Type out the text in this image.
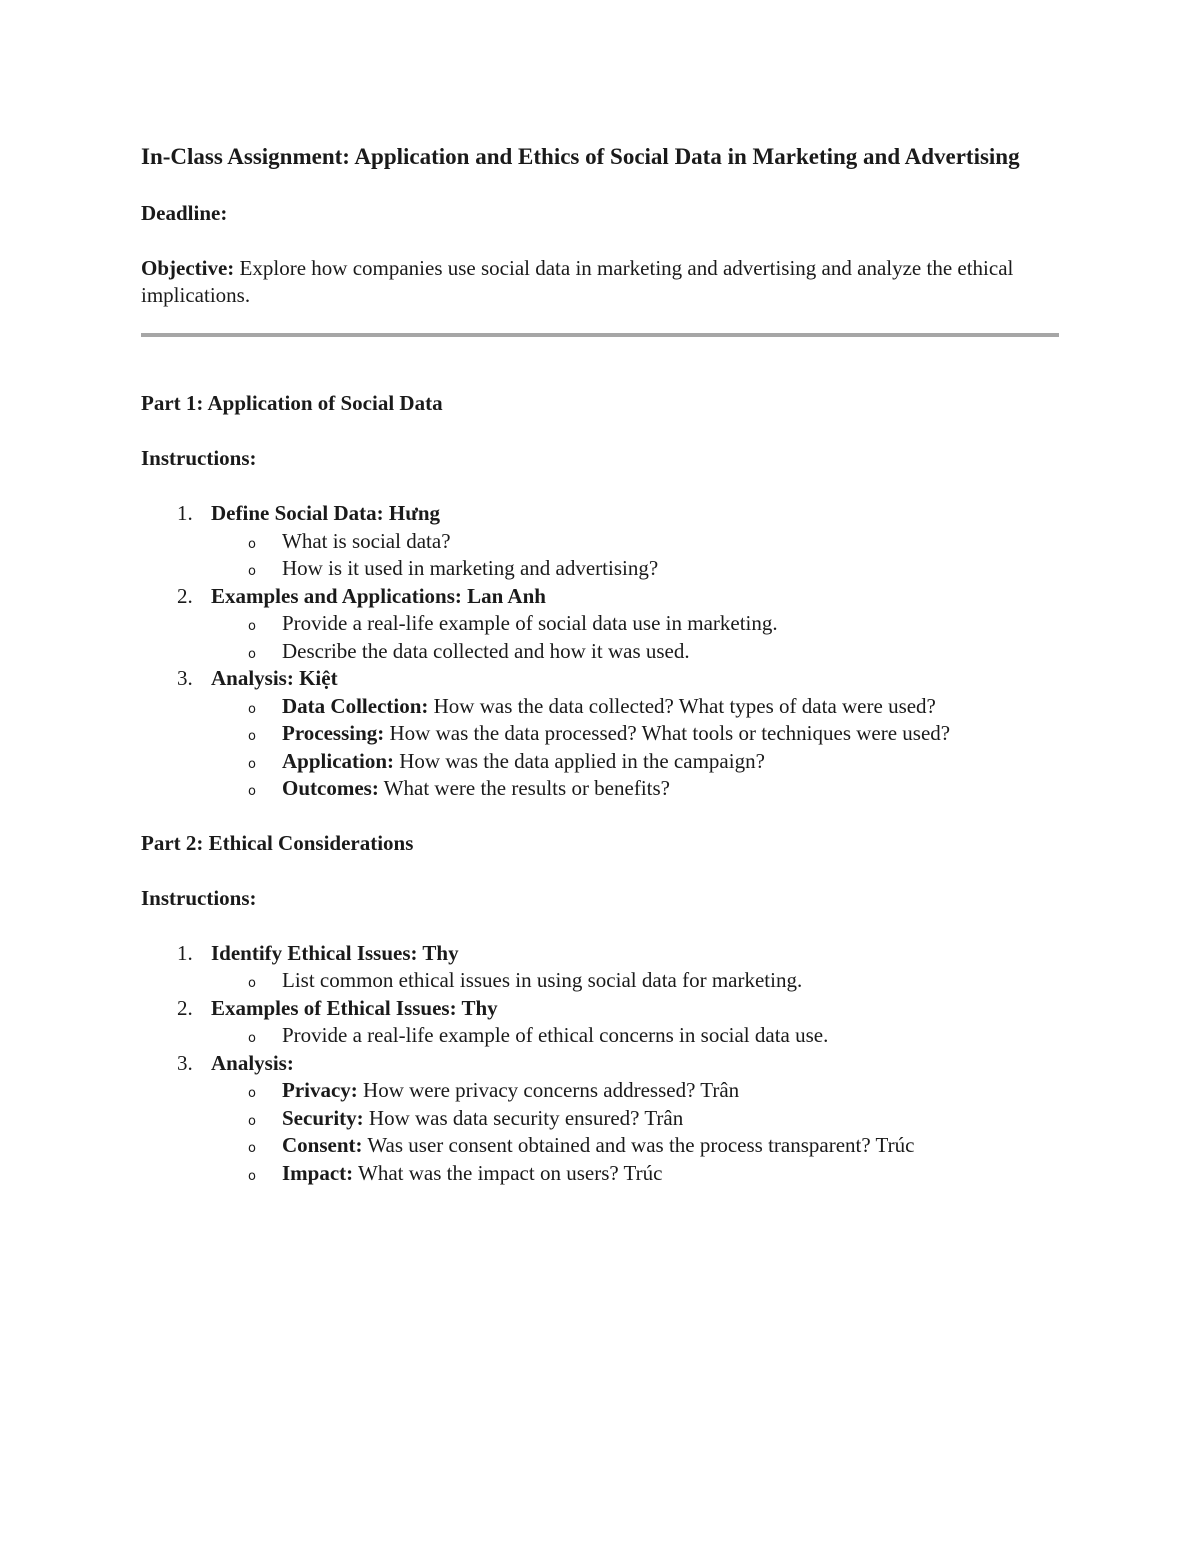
In-Class Assignment: Application and Ethics of Social Data in Marketing and Advertising

Deadline:

Objective: Explore how companies use social data in marketing and advertising and analyze the ethical implications.

Part 1: Application of Social Data

Instructions:

1. Define Social Data: Hưng
o What is social data?
o How is it used in marketing and advertising?
2. Examples and Applications: Lan Anh
o Provide a real-life example of social data use in marketing.
o Describe the data collected and how it was used.
3. Analysis: Kiệt
o Data Collection: How was the data collected? What types of data were used?
o Processing: How was the data processed? What tools or techniques were used?
o Application: How was the data applied in the campaign?
o Outcomes: What were the results or benefits?

Part 2: Ethical Considerations

Instructions:

1. Identify Ethical Issues: Thy
o List common ethical issues in using social data for marketing.
2. Examples of Ethical Issues: Thy
o Provide a real-life example of ethical concerns in social data use.
3. Analysis:
o Privacy: How were privacy concerns addressed? Trân
o Security: How was data security ensured? Trân
o Consent: Was user consent obtained and was the process transparent? Trúc
o Impact: What was the impact on users? Trúc
